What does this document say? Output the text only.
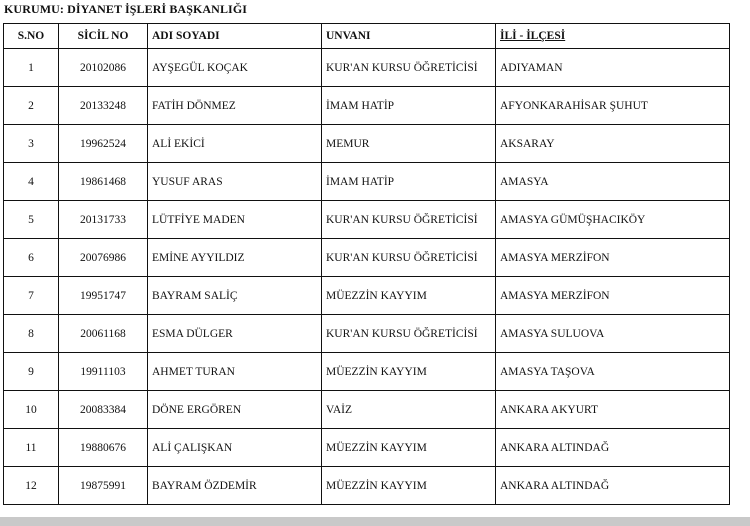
KURUMU: DİYANET İŞLERİ BAŞKANLIĞI
S.NO	SİCİL NO	ADI SOYADI	UNVANI	İLİ - İLÇESİ
1	20102086	AYŞEGÜL KOÇAK	KUR'AN KURSU ÖĞRETİCİSİ	ADIYAMAN
2	20133248	FATİH DÖNMEZ	İMAM HATİP	AFYONKARAHİSAR ŞUHUT
3	19962524	ALİ EKİCİ	MEMUR	AKSARAY
4	19861468	YUSUF ARAS	İMAM HATİP	AMASYA
5	20131733	LÜTFİYE MADEN	KUR'AN KURSU ÖĞRETİCİSİ	AMASYA GÜMÜŞHACIKÖY
6	20076986	EMİNE AYYILDIZ	KUR'AN KURSU ÖĞRETİCİSİ	AMASYA MERZİFON
7	19951747	BAYRAM SALİÇ	MÜEZZİN KAYYIM	AMASYA MERZİFON
8	20061168	ESMA DÜLGER	KUR'AN KURSU ÖĞRETİCİSİ	AMASYA SULUOVA
9	19911103	AHMET TURAN	MÜEZZİN KAYYIM	AMASYA TAŞOVA
10	20083384	DÖNE ERGÖREN	VAİZ	ANKARA AKYURT
11	19880676	ALİ ÇALIŞKAN	MÜEZZİN KAYYIM	ANKARA ALTINDAĞ
12	19875991	BAYRAM ÖZDEMİR	MÜEZZİN KAYYIM	ANKARA ALTINDAĞ
